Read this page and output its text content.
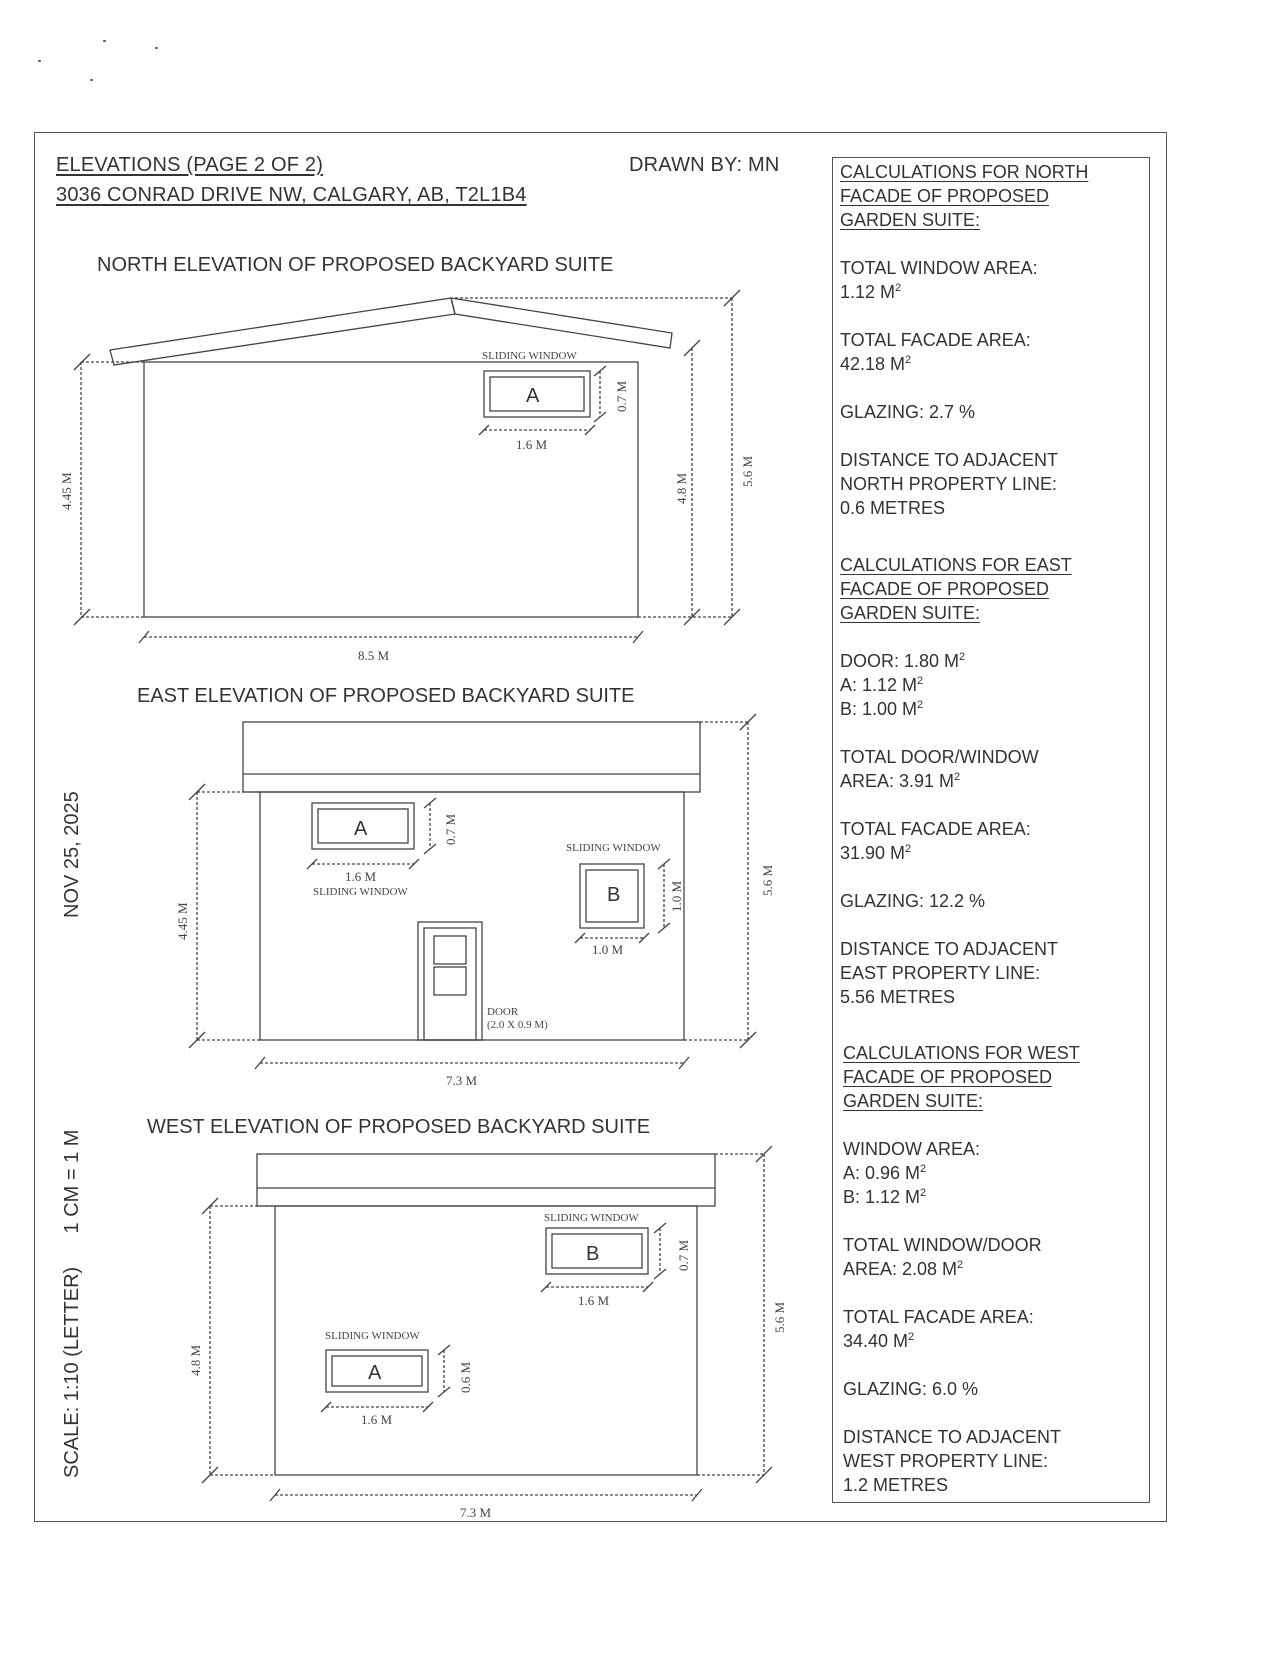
ELEVATIONS (PAGE 2 OF 2)	DRAWN BY: MN
3036 CONRAD DRIVE NW, CALGARY, AB, T2L1B4
NOV 25, 2025
SCALE: 1:10 (LETTER)      1 CM = 1 M
NORTH ELEVATION OF PROPOSED BACKYARD SUITE
SLIDING WINDOW
A	0.7 M
1.6 M
4.45 M	4.8 M
5.6 M
8.5 M
EAST ELEVATION OF PROPOSED BACKYARD SUITE
A	0.7 M
1.6 M
SLIDING WINDOW
SLIDING WINDOW
B	1.0 M
1.0 M
DOOR
(2.0 X 0.9 M)
4.45 M
5.6 M
7.3 M
WEST ELEVATION OF PROPOSED BACKYARD SUITE
SLIDING WINDOW
B	0.7 M
1.6 M
SLIDING WINDOW
A	0.6 M
1.6 M
4.8 M
5.6 M
7.3 M
CALCULATIONS FOR NORTH
FACADE OF PROPOSED
GARDEN SUITE:
TOTAL WINDOW AREA:
1.12 $M^2$
TOTAL FACADE AREA:
42.18 $M^2$
GLAZING: 2.7 %
DISTANCE TO ADJACENT
NORTH PROPERTY LINE:
0.6 METRES
CALCULATIONS FOR EAST
FACADE OF PROPOSED
GARDEN SUITE:
DOOR: 1.80 $M^2$
A: 1.12 $M^2$
B: 1.00 $M^2$
TOTAL DOOR/WINDOW
AREA: 3.91 $M^2$
TOTAL FACADE AREA:
31.90 $M^2$
GLAZING: 12.2 %
DISTANCE TO ADJACENT
EAST PROPERTY LINE:
5.56 METRES
CALCULATIONS FOR WEST
FACADE OF PROPOSED
GARDEN SUITE:
WINDOW AREA:
A: 0.96 $M^2$
B: 1.12 $M^2$
TOTAL WINDOW/DOOR
AREA: 2.08 $M^2$
TOTAL FACADE AREA:
34.40 $M^2$
GLAZING: 6.0 %
DISTANCE TO ADJACENT
WEST PROPERTY LINE:
1.2 METRES
